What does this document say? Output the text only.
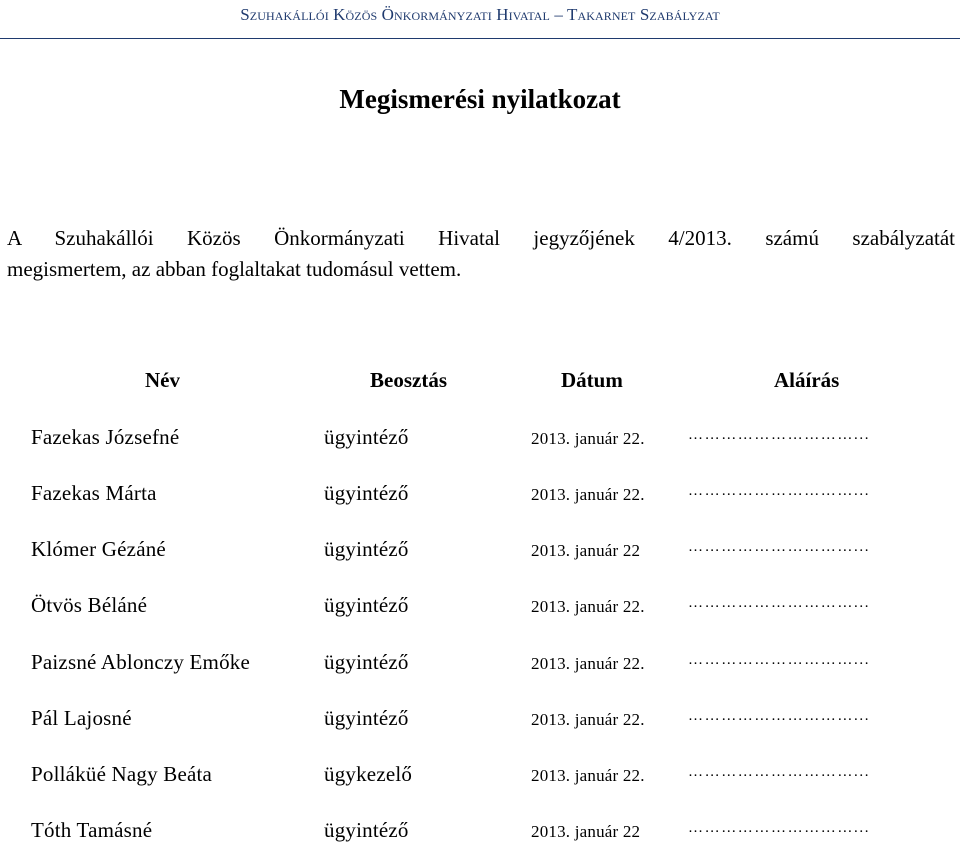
Szuhakállói Közös Önkormányzati Hivatal – Takarnet Szabályzat
Megismerési nyilatkozat
A Szuhakállói Közös Önkormányzati Hivatal jegyzőjének 4/2013. számú szabályzatát
megismertem, az abban foglaltakat tudomásul vettem.
Név	Beosztás	Dátum	Aláírás
Fazekas Józsefné	ügyintéző	2013. január 22.	…………………………...
Fazekas Márta	ügyintéző	2013. január 22.	…………………………...
Klómer Gézáné	ügyintéző	2013. január 22	…………………………...
Ötvös Béláné	ügyintéző	2013. január 22.	…………………………...
Paizsné Ablonczy Emőke	ügyintéző	2013. január 22.	…………………………...
Pál Lajosné	ügyintéző	2013. január 22.	…………………………...
Polláküé Nagy Beáta	ügykezelő	2013. január 22.	…………………………...
Tóth Tamásné	ügyintéző	2013. január 22	…………………………...
